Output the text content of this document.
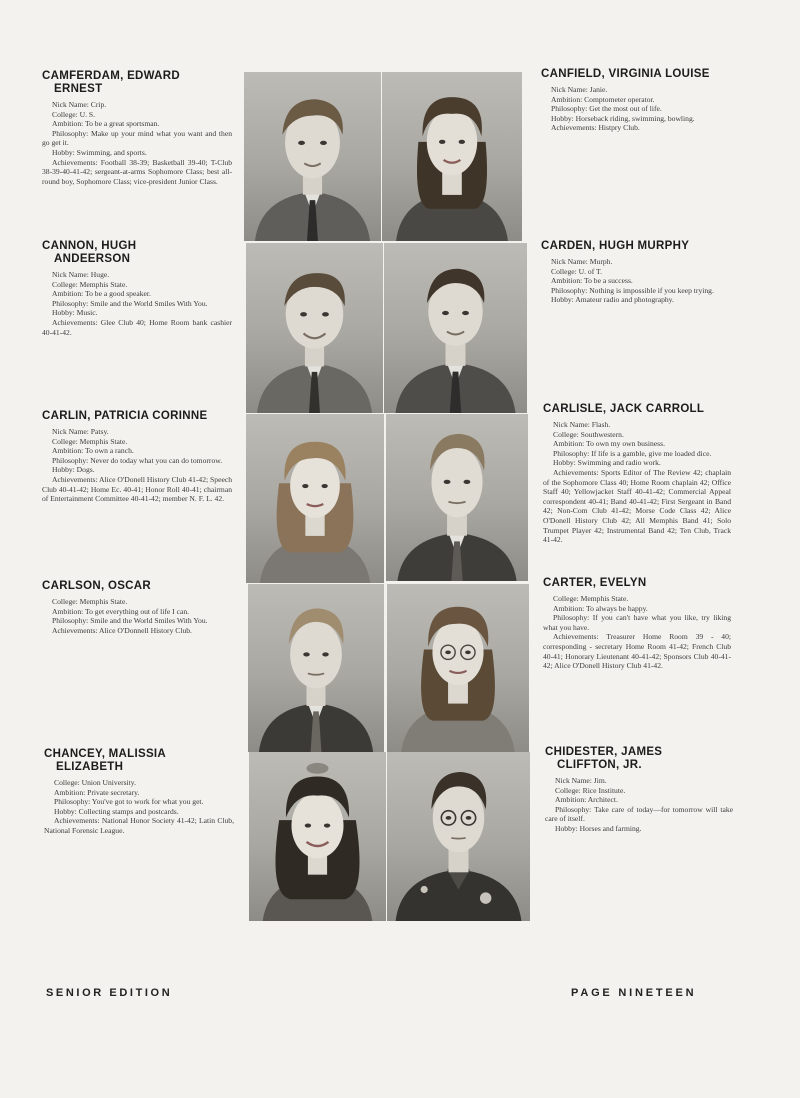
CAMFERDAM, EDWARD
ERNEST
Nick Name: Crip.
College: U. S.
Ambition: To be a great sportsman.
Philosophy: Make up your mind what you want and then go get it.
Hobby: Swimming, and sports.
Achievements: Football 38-39; Basketball 39-40; T-Club 38-39-40-41-42; sergeant-at-arms Sophomore Class; best all-round boy, Sophomore Class; vice-president Junior Class.
CANFIELD, VIRGINIA LOUISE
Nick Name: Janie.
Ambition: Comptometer operator.
Philosophy: Get the most out of life.
Hobby: Horseback riding, swimming, bowling.
Achievements: Histpry Club.
CANNON, HUGH
ANDEERSON
Nick Name: Huge.
College: Memphis State.
Ambition: To be a good speaker.
Philosophy: Smile and the World Smiles With You.
Hobby: Music.
Achievements: Glee Club 40; Home Room bank cashier 40-41-42.
CARDEN, HUGH MURPHY
Nick Name: Murph.
College: U. of T.
Ambition: To be a success.
Philosophy: Nothing is impossible if you keep trying.
Hobby: Amateur radio and photography.
CARLIN, PATRICIA CORINNE
Nick Name: Patsy.
College: Memphis State.
Ambition: To own a ranch.
Philosophy: Never do today what you can do tomorrow.
Hobby: Dogs.
Achievements: Alice O'Donell History Club 41-42; Speech Club 40-41-42; Home Ec. 40-41; Honor Roll 40-41; chairman of Entertainment Committee 40-41-42; member N. F. L. 42.
CARLISLE, JACK CARROLL
Nick Name: Flash.
College: Southwestern.
Ambition: To own my own business.
Philosophy: If life is a gamble, give me loaded dice.
Hobby: Swimming and radio work.
Achievements: Sports Editor of The Review 42; chaplain of the Sophomore Class 40; Home Room chaplain 42; Office Staff 40; Yellowjacket Staff 40-41-42; Commercial Appeal correspondent 40-41; Band 40-41-42; First Sergeant in Band 42; Non-Com Club 41-42; Morse Code Class 42; Alice O'Donell History Club 42; All Memphis Band 41; Solo Trumpet Player 42; Instrumental Band 42; Ten Club, Track 41-42.
CARLSON, OSCAR
College: Memphis State.
Ambition: To get everything out of life I can.
Philosophy: Smile and the World Smiles With You.
Achievements: Alice O'Donnell History Club.
CARTER, EVELYN
College: Memphis State.
Ambition: To always be happy.
Philosophy: If you can't have what you like, try liking what you have.
Achievements: Treasurer Home Room 39 - 40; corresponding - secretary Home Room 41-42; French Club 40-41; Honorary Lieutenant 40-41-42; Sponsors Club 40-41-42; Alice O'Donell History Club 41-42.
CHANCEY, MALISSIA
ELIZABETH
College: Union University.
Ambition: Private secretary.
Philosophy: You've got to work for what you get.
Hobby: Collecting stamps and postcards.
Achievements: National Honor Society 41-42; Latin Club, National Forensic League.
CHIDESTER, JAMES
CLIFFTON, JR.
Nick Name: Jim.
College: Rice Institute.
Ambition: Architect.
Philosophy: Take care of today—for tomorrow will take care of itself.
Hobby: Horses and farming.
SENIOR EDITION	PAGE NINETEEN
